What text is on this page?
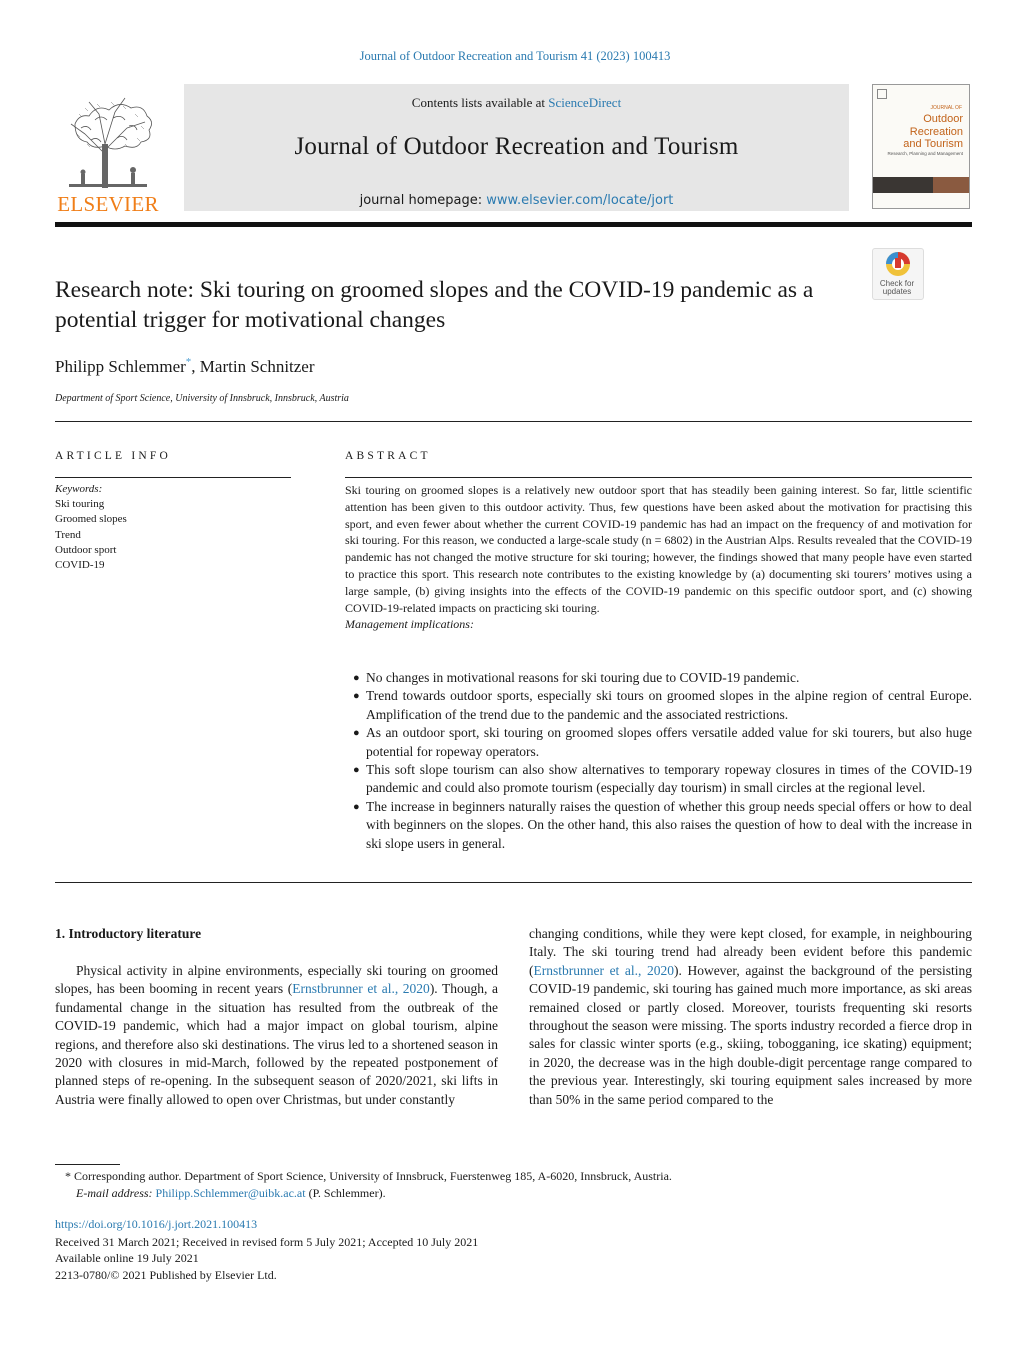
Journal of Outdoor Recreation and Tourism 41 (2023) 100413
ELSEVIER
Contents lists available at ScienceDirect
Journal of Outdoor Recreation and Tourism
journal homepage: www.elsevier.com/locate/jort
JOURNAL OF
Outdoor
Recreation
and Tourism
Research, Planning and Management
Research note: Ski touring on groomed slopes and the COVID-19 pandemic as a potential trigger for motivational changes
Check for updates
Philipp Schlemmer*, Martin Schnitzer
Department of Sport Science, University of Innsbruck, Innsbruck, Austria
ARTICLE INFO
Keywords:
Ski touring
Groomed slopes
Trend
Outdoor sport
COVID-19
ABSTRACT
Ski touring on groomed slopes is a relatively new outdoor sport that has steadily been gaining interest. So far, little scientific attention has been given to this outdoor activity. Thus, few questions have been asked about the motivation for practising this sport, and even fewer about whether the current COVID-19 pandemic has had an impact on the frequency of and motivation for ski touring. For this reason, we conducted a large-scale study (n = 6802) in the Austrian Alps. Results revealed that the COVID-19 pandemic has not changed the motive structure for ski touring; however, the findings showed that many people have even started to practice this sport. This research note contributes to the existing knowledge by (a) documenting ski tourers’ motives using a large sample, (b) giving insights into the effects of the COVID-19 pandemic on this specific outdoor sport, and (c) showing COVID-19-related impacts on practicing ski touring.
Management implications:
● No changes in motivational reasons for ski touring due to COVID-19 pandemic.
● Trend towards outdoor sports, especially ski tours on groomed slopes in the alpine region of central Europe. Amplification of the trend due to the pandemic and the associated restrictions.
● As an outdoor sport, ski touring on groomed slopes offers versatile added value for ski tourers, but also huge potential for ropeway operators.
● This soft slope tourism can also show alternatives to temporary ropeway closures in times of the COVID-19 pandemic and could also promote tourism (especially day tourism) in small circles at the regional level.
● The increase in beginners naturally raises the question of whether this group needs special offers or how to deal with beginners on the slopes. On the other hand, this also raises the question of how to deal with the increase in ski slope users in general.
1. Introductory literature
Physical activity in alpine environments, especially ski touring on groomed slopes, has been booming in recent years (Ernstbrunner et al., 2020). Though, a fundamental change in the situation has resulted from the outbreak of the COVID-19 pandemic, which had a major impact on global tourism, alpine regions, and therefore also ski destinations. The virus led to a shortened season in 2020 with closures in mid-March, followed by the repeated postponement of planned steps of re-opening. In the subsequent season of 2020/2021, ski lifts in Austria were finally allowed to open over Christmas, but under constantly
changing conditions, while they were kept closed, for example, in neighbouring Italy. The ski touring trend had already been evident before this pandemic (Ernstbrunner et al., 2020). However, against the background of the persisting COVID-19 pandemic, ski touring has gained much more importance, as ski areas remained closed or partly closed. Moreover, tourists frequenting ski resorts throughout the season were missing. The sports industry recorded a fierce drop in sales for classic winter sports (e.g., skiing, tobogganing, ice skating) equipment; in 2020, the decrease was in the high double-digit percentage range compared to the previous year. Interestingly, ski touring equipment sales increased by more than 50% in the same period compared to the
* Corresponding author. Department of Sport Science, University of Innsbruck, Fuerstenweg 185, A-6020, Innsbruck, Austria.
E-mail address: Philipp.Schlemmer@uibk.ac.at (P. Schlemmer).
https://doi.org/10.1016/j.jort.2021.100413
Received 31 March 2021; Received in revised form 5 July 2021; Accepted 10 July 2021
Available online 19 July 2021
2213-0780/© 2021 Published by Elsevier Ltd.
